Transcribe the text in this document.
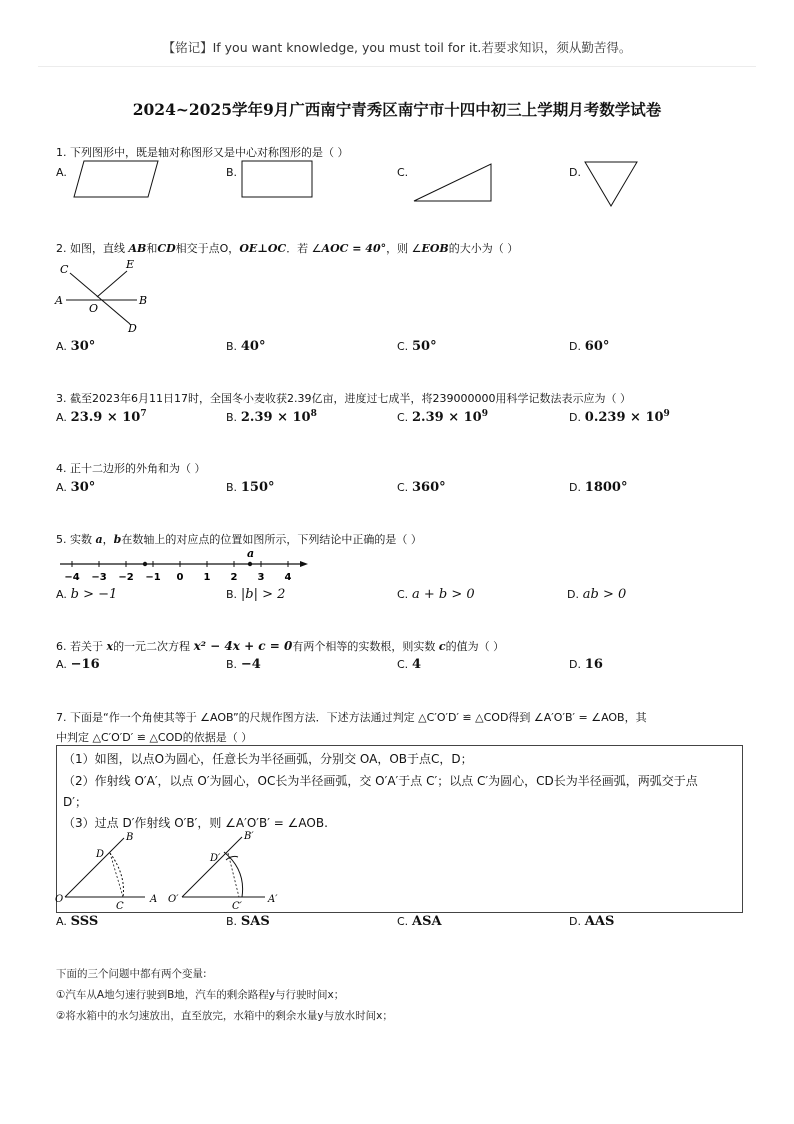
【铭记】If you want knowledge, you must toil for it.若要求知识，须从勤苦得。
2024~2025学年9月广西南宁青秀区南宁市十四中初三上学期月考数学试卷
1. 下列图形中，既是轴对称图形又是中心对称图形的是（ ）
A.	B.	C.	D.
2. 如图，直线 AB和CD相交于点O，OE⊥OC．若 ∠AOC = 40°，则 ∠EOB的大小为（ ）
C	E
A
O
B
D
A. 30°	B. 40°	C. 50°	D. 60°
3. 截至2023年6月11日17时，全国冬小麦收获2.39亿亩，进度过七成半，将239000000用科学记数法表示应为（ ）
A. $23.9 \times 10^7$	B. $2.39 \times 10^8$	C. $2.39 \times 10^9$	D. $0.239 \times 10^9$
4. 正十二边形的外角和为（ ）
A. 30°	B. 150°	C. 360°	D. 1800°
5. 实数 a，b在数轴上的对应点的位置如图所示，下列结论中正确的是（ ）
−4 −3 −2 −1 0 1 2 3 4
a
A. b > −1	B. |b| > 2	C. a + b > 0	D. ab > 0
6. 若关于 x的一元二次方程 x² − 4x + c = 0有两个相等的实数根，则实数 c的值为（ ）
A. −16	B. −4	C. 4	D. 16
7. 下面是“作一个角使其等于 ∠AOB”的尺规作图方法．下述方法通过判定 △C′O′D′ ≌ △COD得到 ∠A′O′B′ = ∠AOB，其
中判定 △C′O′D′ ≌ △COD的依据是（ ）
（1）如图，以点O为圆心，任意长为半径画弧，分别交 OA，OB于点C，D；
（2）作射线 O′A′，以点 O′为圆心，OC长为半径画弧，交 O′A′于点 C′；以点 C′为圆心，CD长为半径画弧，两弧交于点
D′；
（3）过点 D′作射线 O′B′，则 ∠A′O′B′ = ∠AOB.
O	A
B
D
C
O′	A′
B′
D′
C′
A. SSS	B. SAS	C. ASA	D. AAS
下面的三个问题中都有两个变量:
①汽车从A地匀速行驶到B地，汽车的剩余路程y与行驶时间x；
②将水箱中的水匀速放出，直至放完，水箱中的剩余水量y与放水时间x；
